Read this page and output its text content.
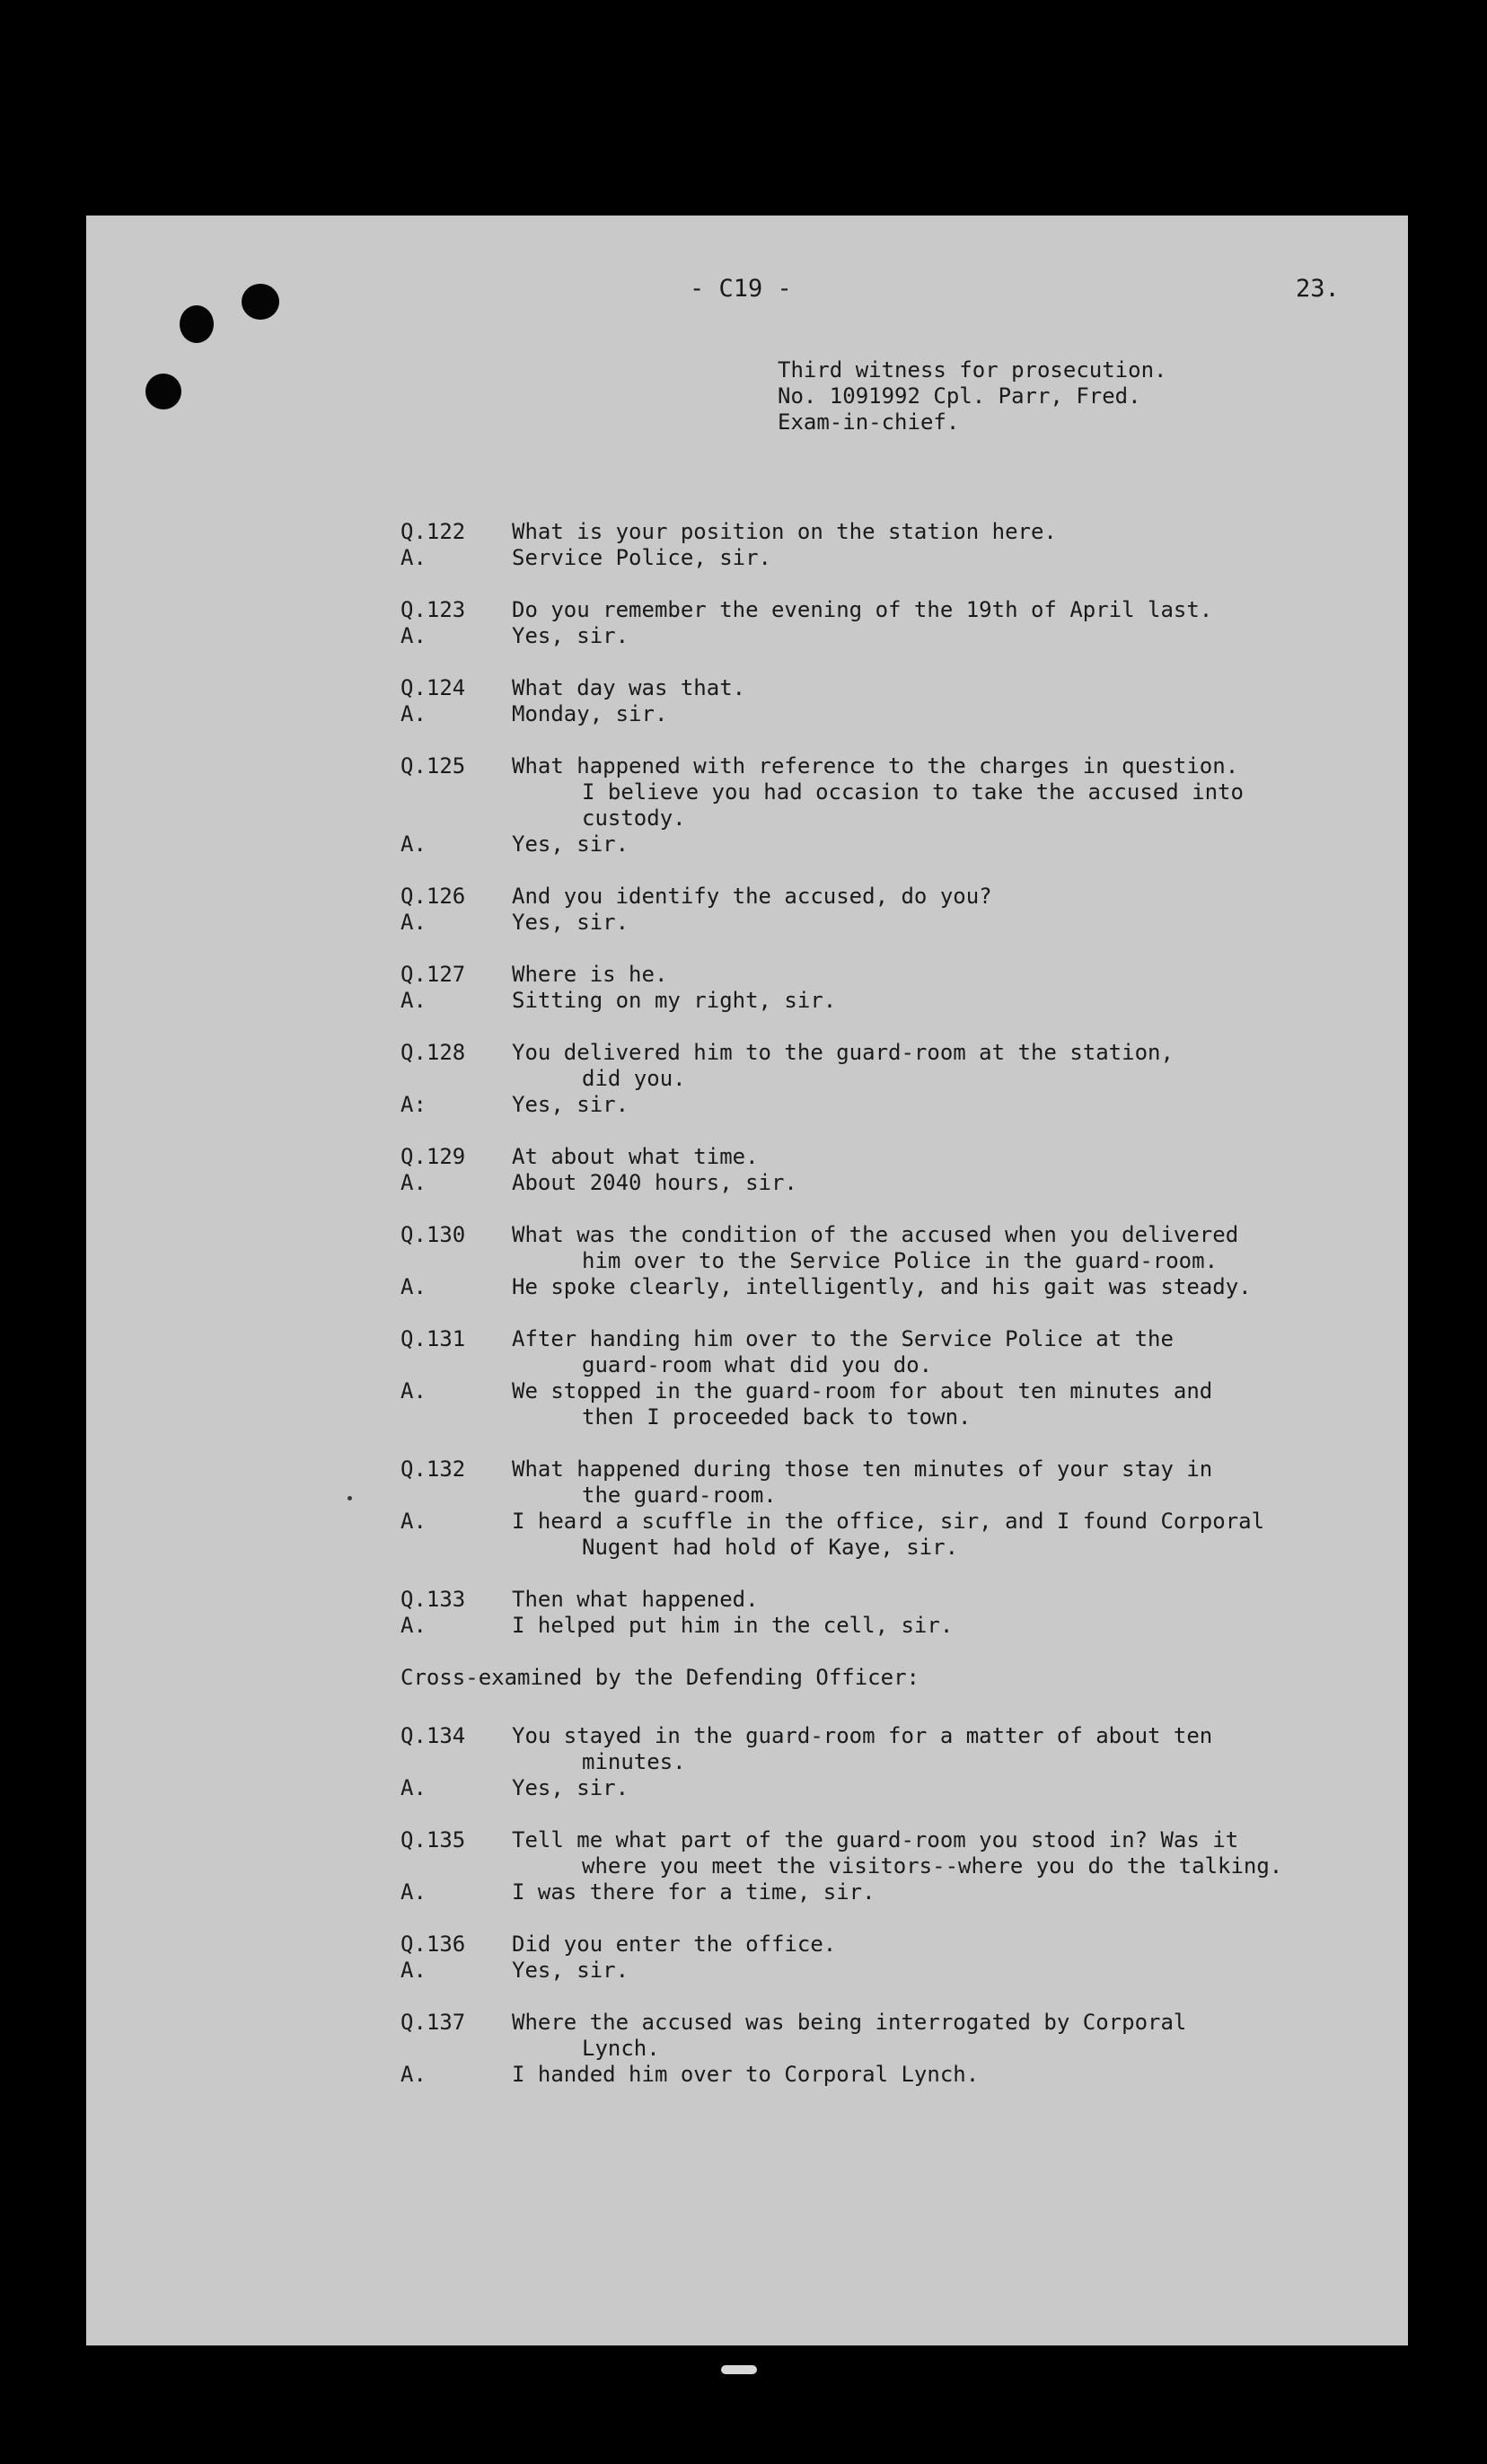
- C19 -	23.
Third witness for prosecution.
No. 1091992 Cpl. Parr, Fred.
Exam-in-chief.
Q.122	What is your position on the station here.
A.	Service Police, sir.
Q.123	Do you remember the evening of the 19th of April last.
A.	Yes, sir.
Q.124	What day was that.
A.	Monday, sir.
Q.125	What happened with reference to the charges in question.
I believe you had occasion to take the accused into
custody.
A.	Yes, sir.
Q.126	And you identify the accused, do you?
A.	Yes, sir.
Q.127	Where is he.
A.	Sitting on my right, sir.
Q.128	You delivered him to the guard-room at the station,
did you.
A:	Yes, sir.
Q.129	At about what time.
A.	About 2040 hours, sir.
Q.130	What was the condition of the accused when you delivered
him over to the Service Police in the guard-room.
A.	He spoke clearly, intelligently, and his gait was steady.
Q.131	After handing him over to the Service Police at the
guard-room what did you do.
A.	We stopped in the guard-room for about ten minutes and
then I proceeded back to town.
Q.132	What happened during those ten minutes of your stay in
the guard-room.
A.	I heard a scuffle in the office, sir, and I found Corporal
Nugent had hold of Kaye, sir.
Q.133	Then what happened.
A.	I helped put him in the cell, sir.
Cross-examined by the Defending Officer:
Q.134	You stayed in the guard-room for a matter of about ten
minutes.
A.	Yes, sir.
Q.135	Tell me what part of the guard-room you stood in? Was it
where you meet the visitors--where you do the talking.
A.	I was there for a time, sir.
Q.136	Did you enter the office.
A.	Yes, sir.
Q.137	Where the accused was being interrogated by Corporal
Lynch.
A.	I handed him over to Corporal Lynch.
